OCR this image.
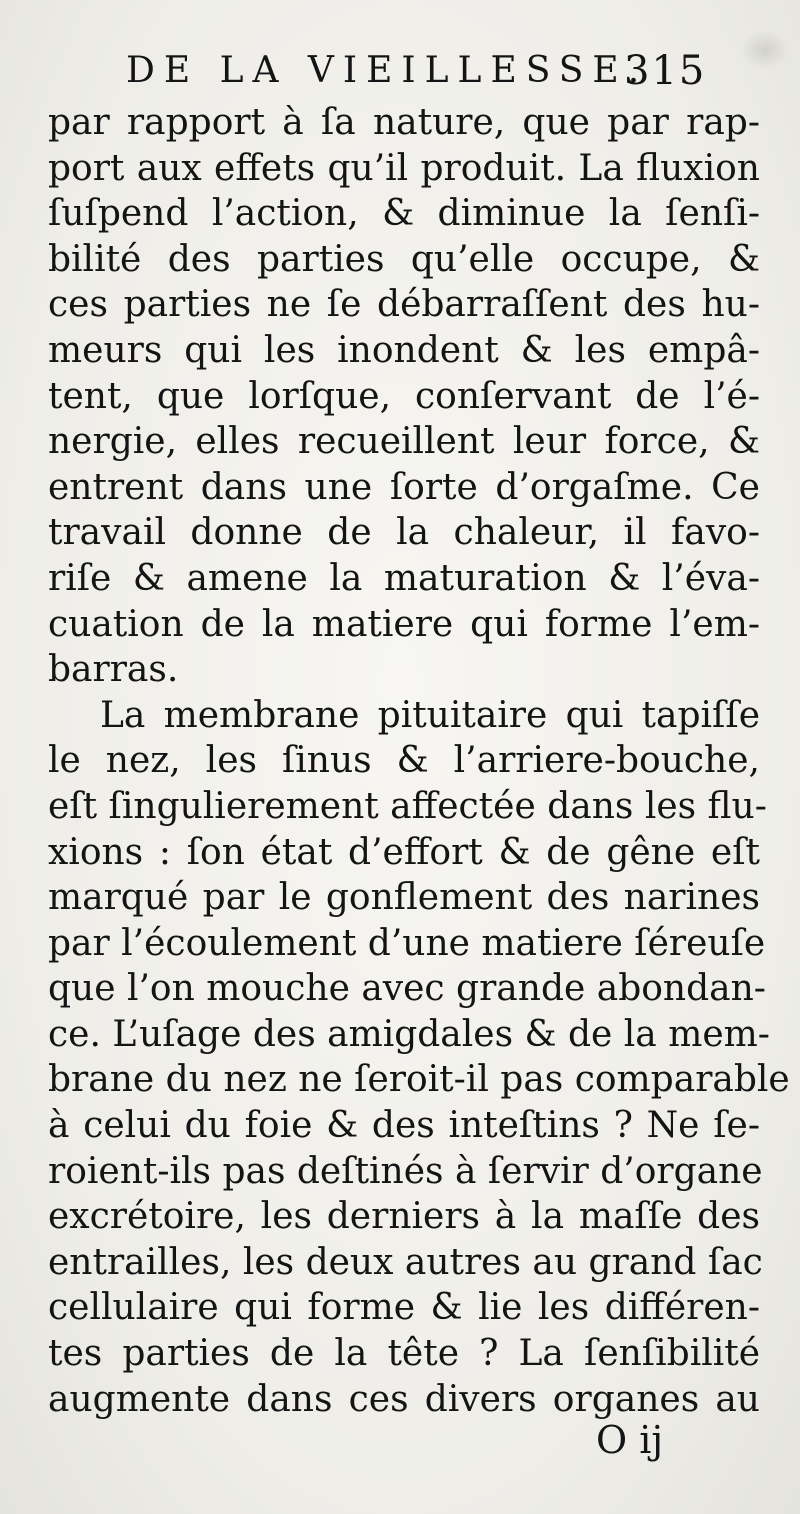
DE LA VIEILLESSE.
315
par rapport à ſa nature, que par rap-
port aux effets qu’il produit. La fluxion
ſuſpend l’action, & diminue la ſenſi-
bilité des parties qu’elle occupe, &
ces parties ne ſe débarraſſent des hu-
meurs qui les inondent & les empâ-
tent, que lorſque, conſervant de l’é-
nergie, elles recueillent leur force, &
entrent dans une ſorte d’orgaſme. Ce
travail donne de la chaleur, il favo-
riſe & amene la maturation & l’éva-
cuation de la matiere qui forme l’em-
barras.
La membrane pituitaire qui tapiſſe
le nez, les ſinus & l’arriere-bouche,
eſt ſingulierement affectée dans les flu-
xions : ſon état d’effort & de gêne eſt
marqué par le gonflement des narines
par l’écoulement d’une matiere ſéreuſe
que l’on mouche avec grande abondan-
ce. L’uſage des amigdales & de la mem-
brane du nez ne ſeroit-il pas comparable
à celui du foie & des inteſtins ? Ne ſe-
roient-ils pas deſtinés à ſervir d’organe
excrétoire, les derniers à la maſſe des
entrailles, les deux autres au grand ſac
cellulaire qui forme & lie les différen-
tes parties de la tête ? La ſenſibilité
augmente dans ces divers organes au
O ij
